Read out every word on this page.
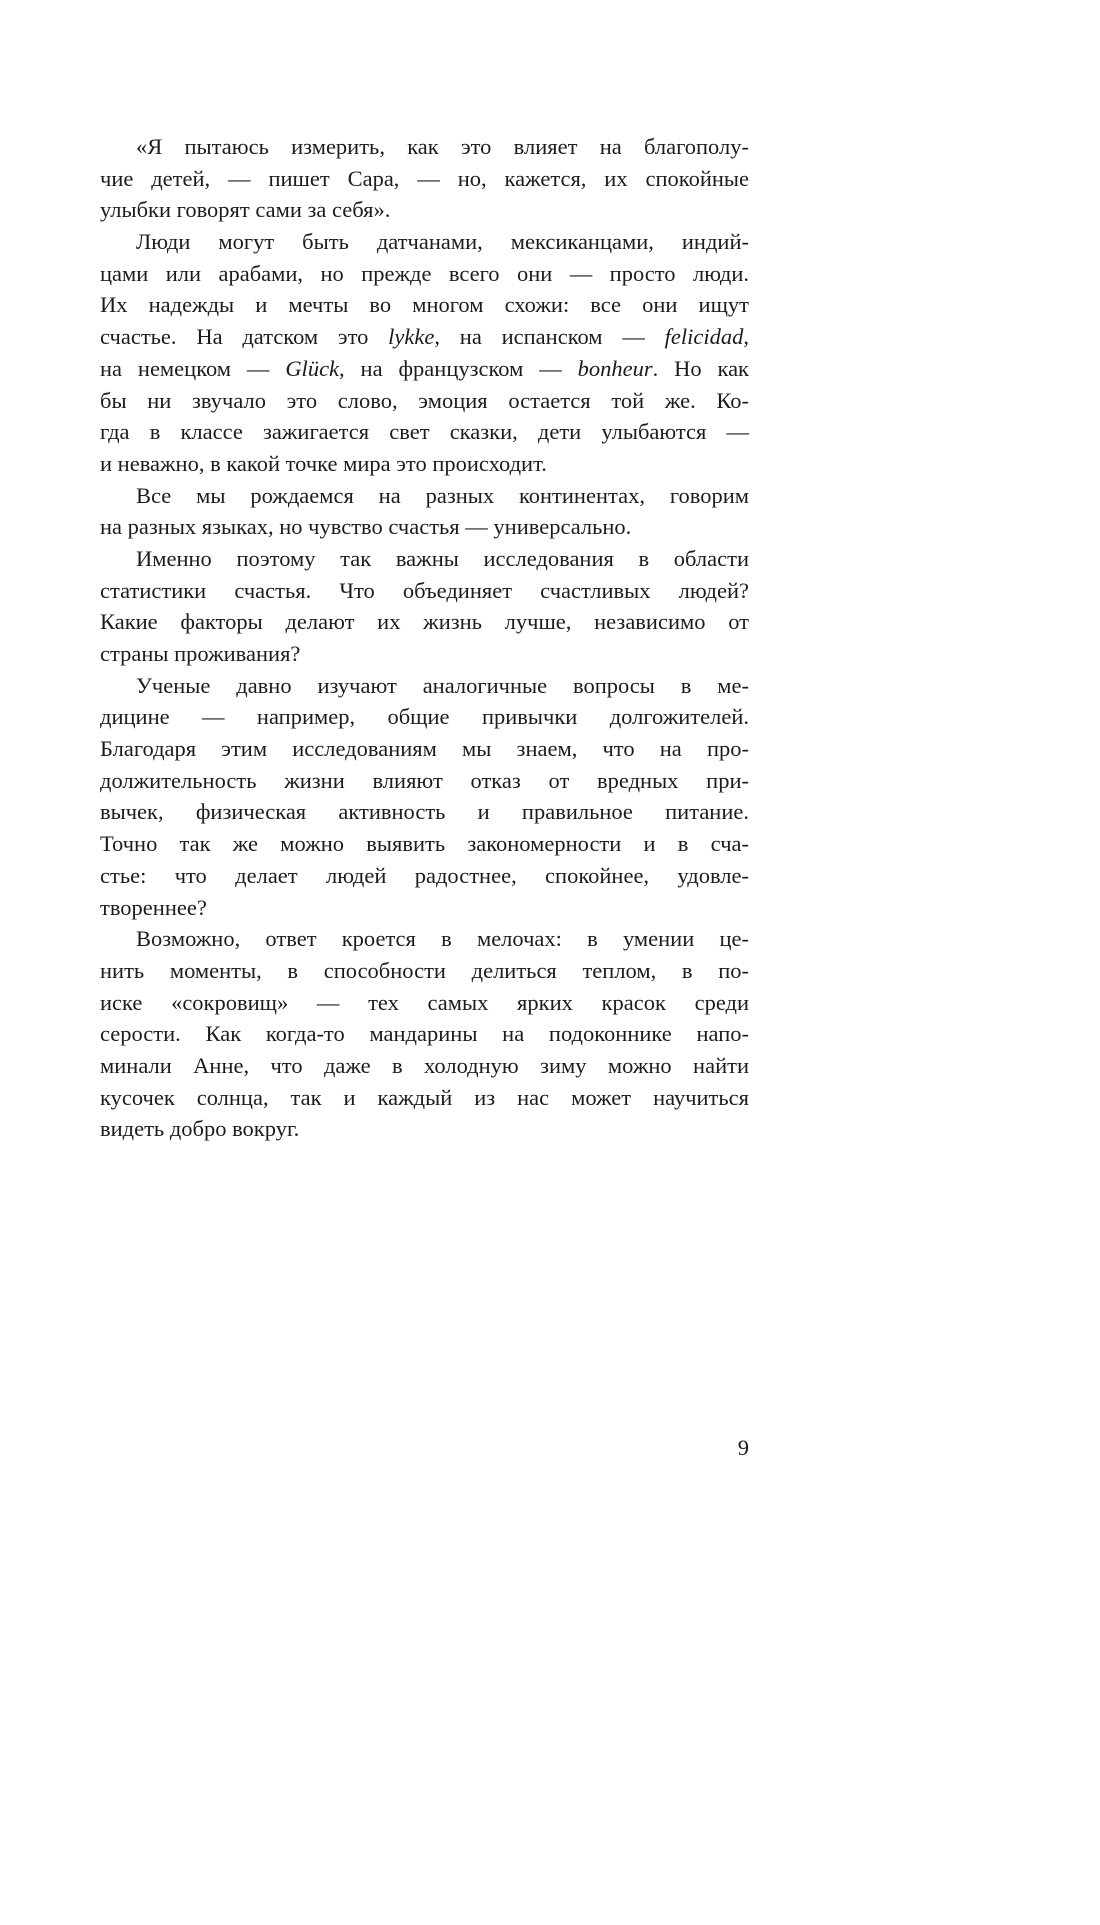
«Я пытаюсь измерить, как это влияет на благополу-
чие детей, — пишет Сара, — но, кажется, их спокойные
улыбки говорят сами за себя».
Люди могут быть датчанами, мексиканцами, индий-
цами или арабами, но прежде всего они — просто люди.
Их надежды и мечты во многом схожи: все они ищут
счастье. На датском это lykke, на испанском — felicidad,
на немецком — Glück, на французском — bonheur. Но как
бы ни звучало это слово, эмоция остается той же. Ко-
гда в классе зажигается свет сказки, дети улыбаются —
и неважно, в какой точке мира это происходит.
Все мы рождаемся на разных континентах, говорим
на разных языках, но чувство счастья — универсально.
Именно поэтому так важны исследования в области
статистики счастья. Что объединяет счастливых людей?
Какие факторы делают их жизнь лучше, независимо от
страны проживания?
Ученые давно изучают аналогичные вопросы в ме-
дицине — например, общие привычки долгожителей.
Благодаря этим исследованиям мы знаем, что на про-
должительность жизни влияют отказ от вредных при-
вычек, физическая активность и правильное питание.
Точно так же можно выявить закономерности и в сча-
стье: что делает людей радостнее, спокойнее, удовле-
твореннее?
Возможно, ответ кроется в мелочах: в умении це-
нить моменты, в способности делиться теплом, в по-
иске «сокровищ» — тех самых ярких красок среди
серости. Как когда-то мандарины на подоконнике напо-
минали Анне, что даже в холодную зиму можно найти
кусочек солнца, так и каждый из нас может научиться
видеть добро вокруг.
9
